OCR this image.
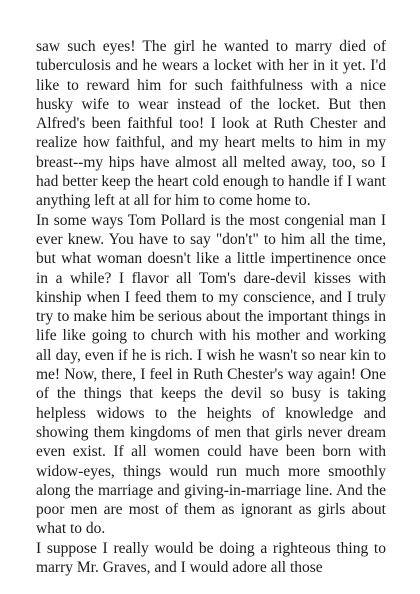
saw such eyes! The girl he wanted to marry died of tuberculosis and he wears a locket with her in it yet. I'd like to reward him for such faithfulness with a nice husky wife to wear instead of the locket. But then Alfred's been faithful too! I look at Ruth Chester and realize how faithful, and my heart melts to him in my breast--my hips have almost all melted away, too, so I had better keep the heart cold enough to handle if I want anything left at all for him to come home to.

In some ways Tom Pollard is the most congenial man I ever knew. You have to say "don't" to him all the time, but what woman doesn't like a little impertinence once in a while? I flavor all Tom's dare-devil kisses with kinship when I feed them to my conscience, and I truly try to make him be serious about the important things in life like going to church with his mother and working all day, even if he is rich. I wish he wasn't so near kin to me! Now, there, I feel in Ruth Chester's way again! One of the things that keeps the devil so busy is taking helpless widows to the heights of knowledge and showing them kingdoms of men that girls never dream even exist. If all women could have been born with widow-eyes, things would run much more smoothly along the marriage and giving-in-marriage line. And the poor men are most of them as ignorant as girls about what to do.

I suppose I really would be doing a righteous thing to marry Mr. Graves, and I would adore all those
